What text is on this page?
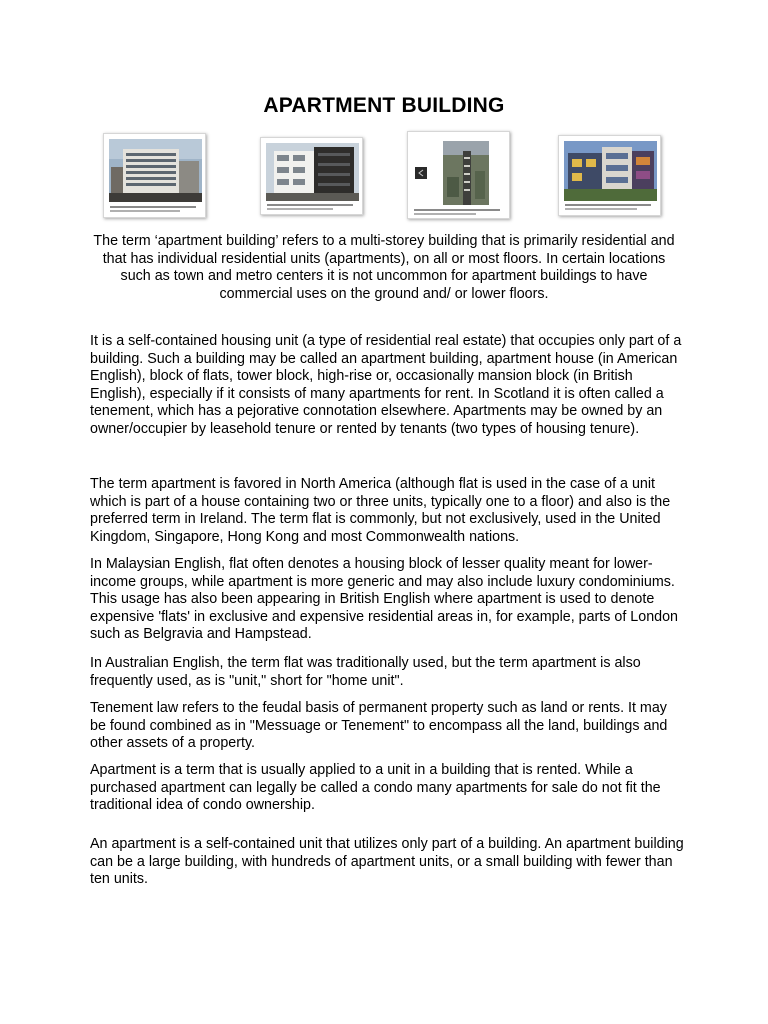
APARTMENT BUILDING
The term ‘apartment building’ refers to a multi-storey building that is primarily residential and that has individual residential units (apartments), on all or most floors. In certain locations such as town and metro centers it is not uncommon for apartment buildings to have commercial uses on the ground and/ or lower floors.

It is a self-contained housing unit (a type of residential real estate) that occupies only part of a building. Such a building may be called an apartment building, apartment house (in American English), block of flats, tower block, high-rise or, occasionally mansion block (in British English), especially if it consists of many apartments for rent. In Scotland it is often called a tenement, which has a pejorative connotation elsewhere. Apartments may be owned by an owner/occupier by leasehold tenure or rented by tenants (two types of housing tenure).

The term apartment is favored in North America (although flat is used in the case of a unit which is part of a house containing two or three units, typically one to a floor) and also is the preferred term in Ireland. The term flat is commonly, but not exclusively, used in the United Kingdom, Singapore, Hong Kong and most Commonwealth nations.

In Malaysian English, flat often denotes a housing block of lesser quality meant for lower-income groups, while apartment is more generic and may also include luxury condominiums. This usage has also been appearing in British English where apartment is used to denote expensive 'flats' in exclusive and expensive residential areas in, for example, parts of London such as Belgravia and Hampstead.

In Australian English, the term flat was traditionally used, but the term apartment is also frequently used, as is "unit," short for "home unit".

Tenement law refers to the feudal basis of permanent property such as land or rents. It may be found combined as in "Messuage or Tenement" to encompass all the land, buildings and other assets of a property.

Apartment is a term that is usually applied to a unit in a building that is rented. While a purchased apartment can legally be called a condo many apartments for sale do not fit the traditional idea of condo ownership.

An apartment is a self-contained unit that utilizes only part of a building. An apartment building can be a large building, with hundreds of apartment units, or a small building with fewer than ten units.
